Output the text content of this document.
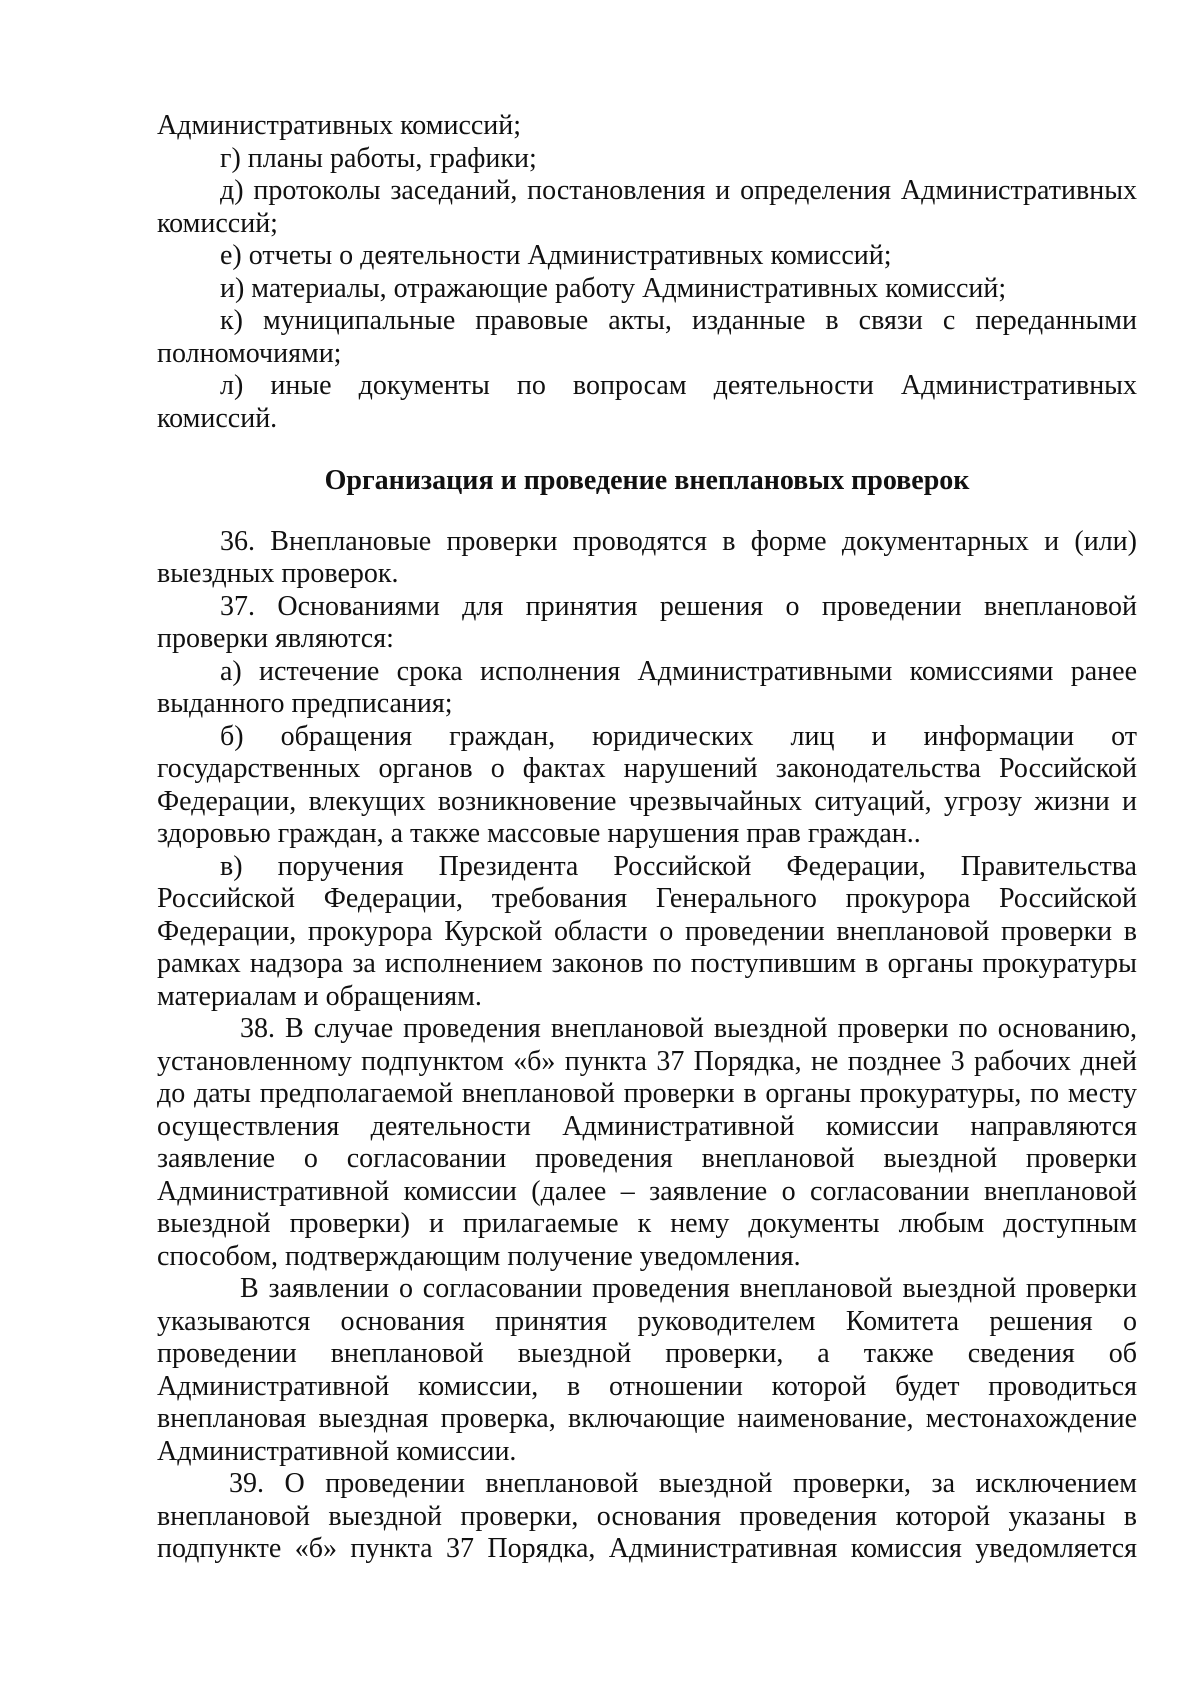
Административных комиссий;

г) планы работы, графики;

д) протоколы заседаний, постановления и определения Административных комиссий;

е) отчеты о деятельности Административных комиссий;

и) материалы, отражающие работу Административных комиссий;

к) муниципальные правовые акты, изданные в связи с переданными полномочиями;

л) иные документы по вопросам деятельности Административных комиссий.

Организация и проведение внеплановых проверок

36. Внеплановые проверки проводятся в форме документарных и (или) выездных проверок.

37. Основаниями для принятия решения о проведении внеплановой проверки являются:

а) истечение срока исполнения Административными комиссиями ранее выданного предписания;

б) обращения граждан, юридических лиц и информации от государственных органов о фактах нарушений законодательства Российской Федерации, влекущих возникновение чрезвычайных ситуаций, угрозу жизни и здоровью граждан, а также массовые нарушения прав граждан..

в) поручения Президента Российской Федерации, Правительства Российской Федерации, требования Генерального прокурора Российской Федерации, прокурора Курской области о проведении внеплановой проверки в рамках надзора за исполнением законов по поступившим в органы прокуратуры материалам и обращениям.

38. В случае проведения внеплановой выездной проверки по основанию, установленному подпунктом «б» пункта 37 Порядка, не позднее 3 рабочих дней до даты предполагаемой внеплановой проверки в органы прокуратуры, по месту осуществления деятельности Административной комиссии направляются заявление о согласовании проведения внеплановой выездной проверки Административной комиссии (далее – заявление о согласовании внеплановой выездной проверки) и прилагаемые к нему документы любым доступным способом, подтверждающим получение уведомления.

В заявлении о согласовании проведения внеплановой выездной проверки указываются основания принятия руководителем Комитета решения о проведении внеплановой выездной проверки, а также сведения об Административной комиссии, в отношении которой будет проводиться внеплановая выездная проверка, включающие наименование, местонахождение Административной комиссии.

39. О проведении внеплановой выездной проверки, за исключением внеплановой выездной проверки, основания проведения которой указаны в подпункте «б» пункта 37 Порядка, Административная комиссия уведомляется
